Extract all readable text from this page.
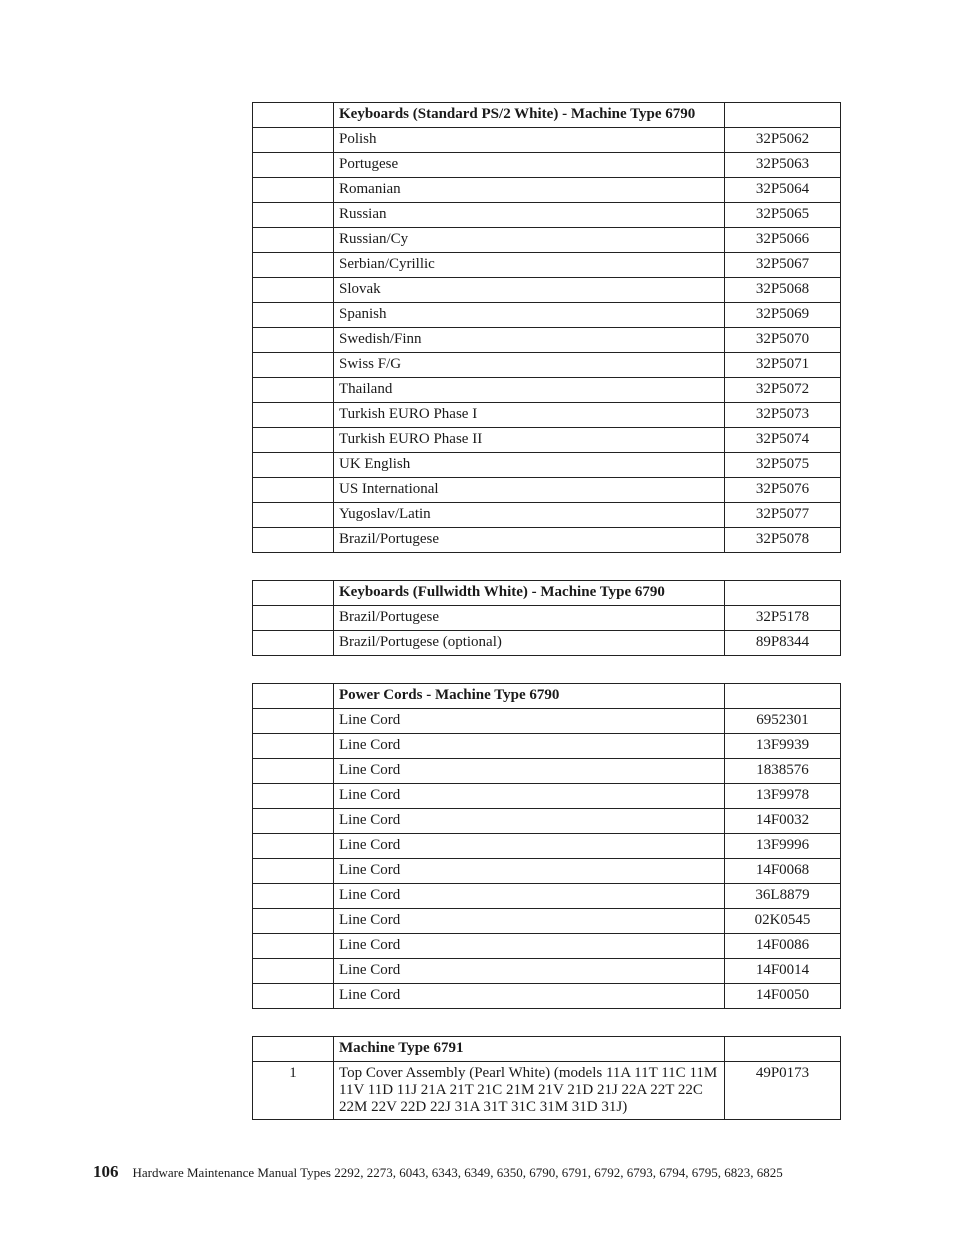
	Keyboards (Standard PS/2 White) - Machine Type 6790	
	Polish	32P5062
	Portugese	32P5063
	Romanian	32P5064
	Russian	32P5065
	Russian/Cy	32P5066
	Serbian/Cyrillic	32P5067
	Slovak	32P5068
	Spanish	32P5069
	Swedish/Finn	32P5070
	Swiss F/G	32P5071
	Thailand	32P5072
	Turkish EURO Phase I	32P5073
	Turkish EURO Phase II	32P5074
	UK English	32P5075
	US International	32P5076
	Yugoslav/Latin	32P5077
	Brazil/Portugese	32P5078
	Keyboards (Fullwidth White) - Machine Type 6790	
	Brazil/Portugese	32P5178
	Brazil/Portugese (optional)	89P8344
	Power Cords - Machine Type 6790	
	Line Cord	6952301
	Line Cord	13F9939
	Line Cord	1838576
	Line Cord	13F9978
	Line Cord	14F0032
	Line Cord	13F9996
	Line Cord	14F0068
	Line Cord	36L8879
	Line Cord	02K0545
	Line Cord	14F0086
	Line Cord	14F0014
	Line Cord	14F0050
	Machine Type 6791	
1	Top Cover Assembly (Pearl White) (models 11A 11T 11C 11M 11V 11D 11J 21A 21T 21C 21M 21V 21D 21J 22A 22T 22C 22M 22V 22D 22J 31A 31T 31C 31M 31D 31J)	49P0173
106 Hardware Maintenance Manual Types 2292, 2273, 6043, 6343, 6349, 6350, 6790, 6791, 6792, 6793, 6794, 6795, 6823, 6825
